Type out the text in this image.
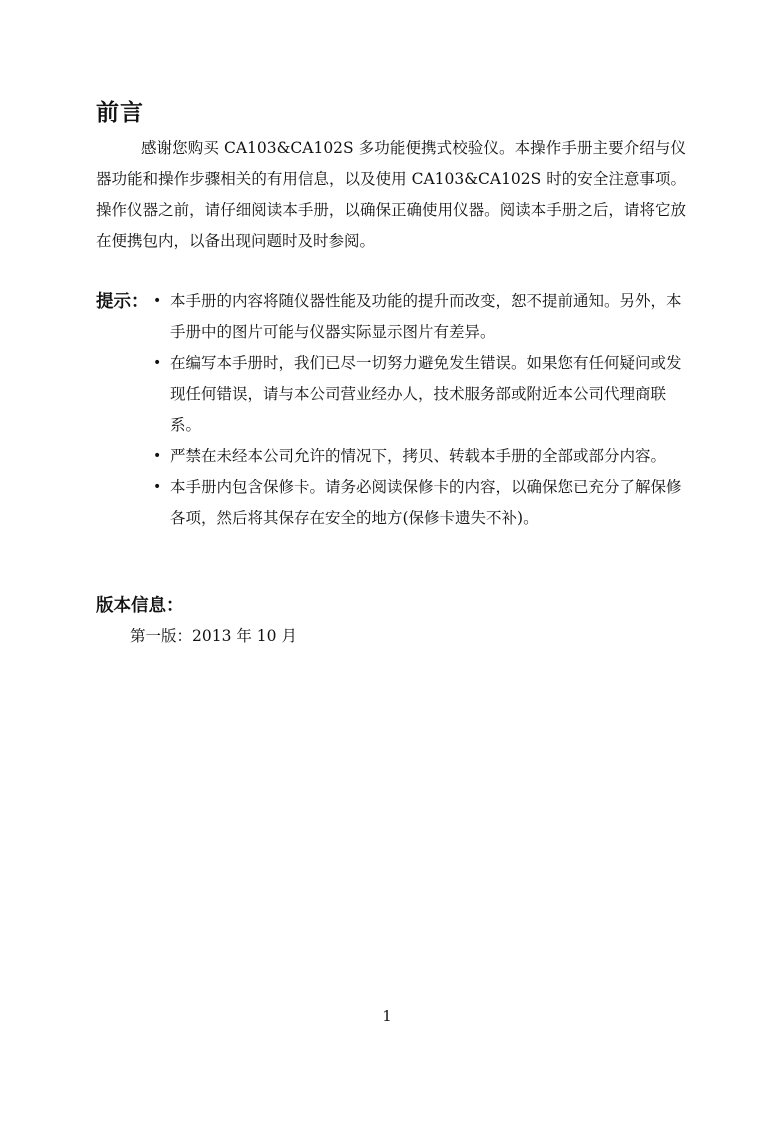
前言

感谢您购买 CA103&CA102S 多功能便携式校验仪。本操作手册主要介绍与仪器功能和操作步骤相关的有用信息，以及使用 CA103&CA102S 时的安全注意事项。操作仪器之前，请仔细阅读本手册，以确保正确使用仪器。阅读本手册之后，请将它放在便携包内，以备出现问题时及时参阅。

提示： • 本手册的内容将随仪器性能及功能的提升而改变，恕不提前通知。另外，本手册中的图片可能与仪器实际显示图片有差异。
• 在编写本手册时，我们已尽一切努力避免发生错误。如果您有任何疑问或发现任何错误，请与本公司营业经办人，技术服务部或附近本公司代理商联系。
• 严禁在未经本公司允许的情况下，拷贝、转载本手册的全部或部分内容。
• 本手册内包含保修卡。请务必阅读保修卡的内容，以确保您已充分了解保修各项，然后将其保存在安全的地方(保修卡遗失不补)。
版本信息：

第一版：2013 年 10 月

1
